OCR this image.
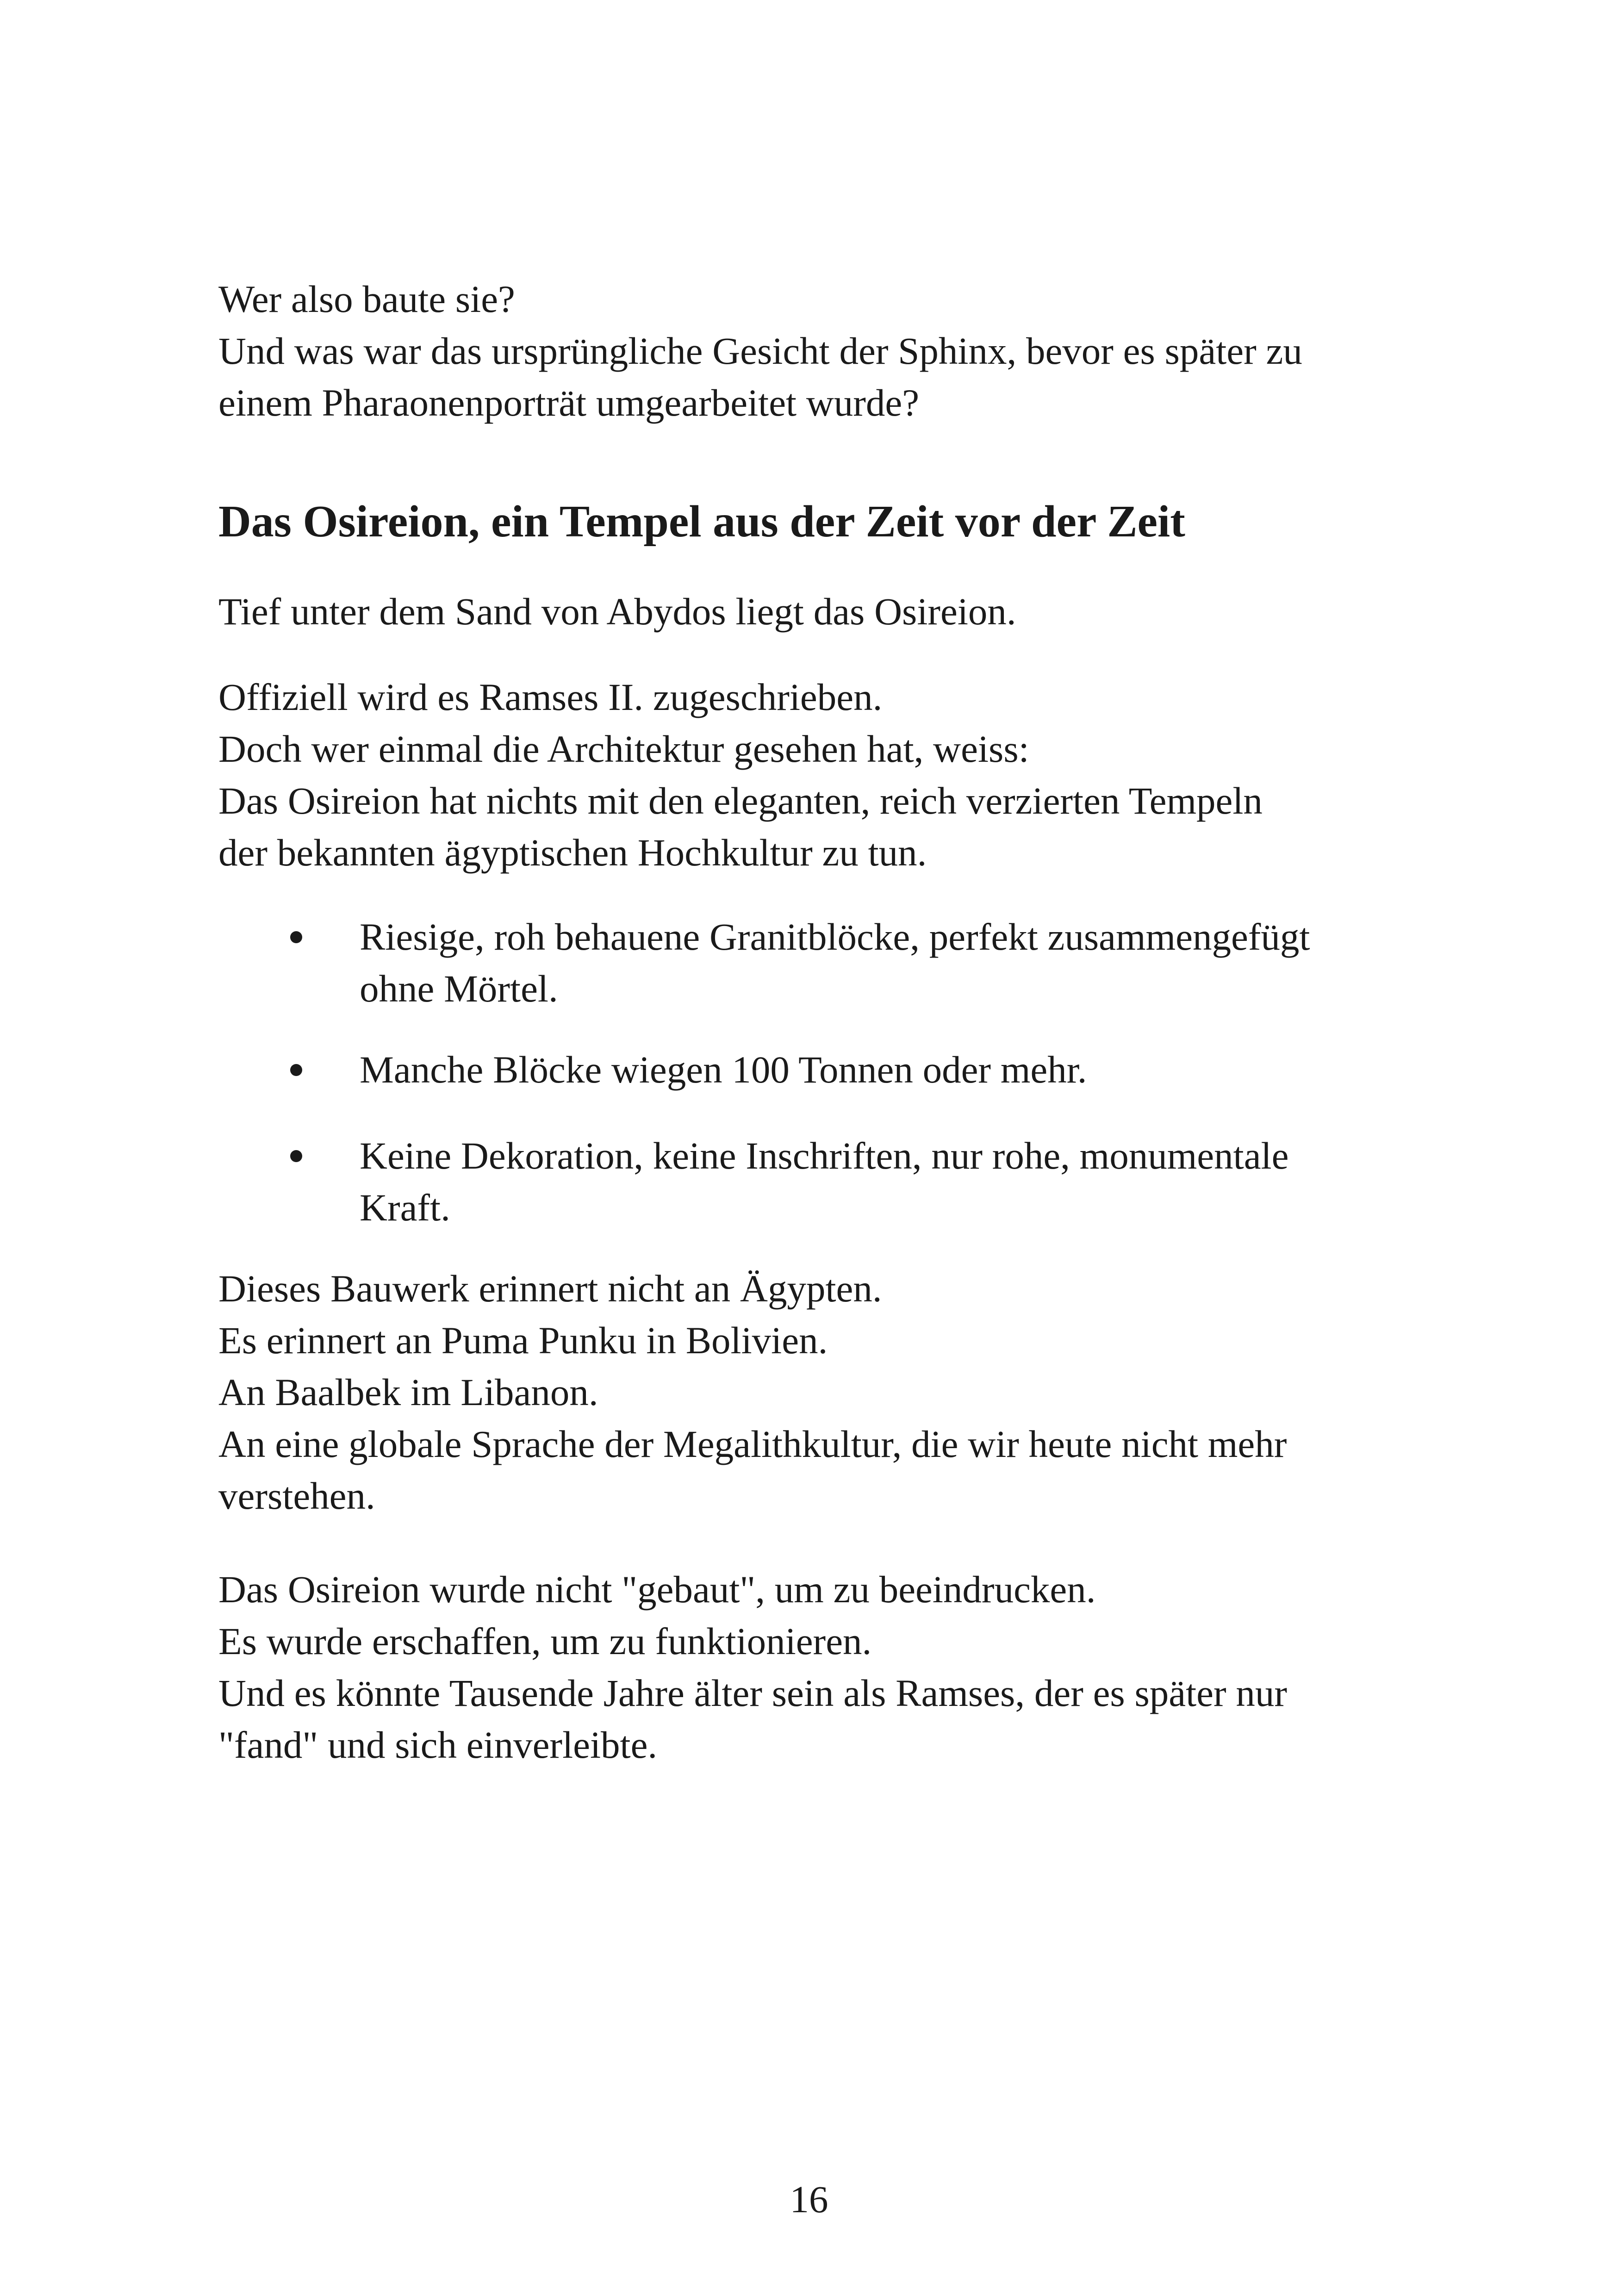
Wer also baute sie?
Und was war das ursprüngliche Gesicht der Sphinx, bevor es später zu
einem Pharaonenporträt umgearbeitet wurde?

Das Osireion, ein Tempel aus der Zeit vor der Zeit

Tief unter dem Sand von Abydos liegt das Osireion.

Offiziell wird es Ramses II. zugeschrieben.
Doch wer einmal die Architektur gesehen hat, weiss:
Das Osireion hat nichts mit den eleganten, reich verzierten Tempeln
der bekannten ägyptischen Hochkultur zu tun.

Riesige, roh behauene Granitblöcke, perfekt zusammengefügt
ohne Mörtel.
Manche Blöcke wiegen 100 Tonnen oder mehr.
Keine Dekoration, keine Inschriften, nur rohe, monumentale
Kraft.

Dieses Bauwerk erinnert nicht an Ägypten.
Es erinnert an Puma Punku in Bolivien.
An Baalbek im Libanon.
An eine globale Sprache der Megalithkultur, die wir heute nicht mehr
verstehen.

Das Osireion wurde nicht "gebaut", um zu beeindrucken.
Es wurde erschaffen, um zu funktionieren.
Und es könnte Tausende Jahre älter sein als Ramses, der es später nur
"fand" und sich einverleibte.

16
